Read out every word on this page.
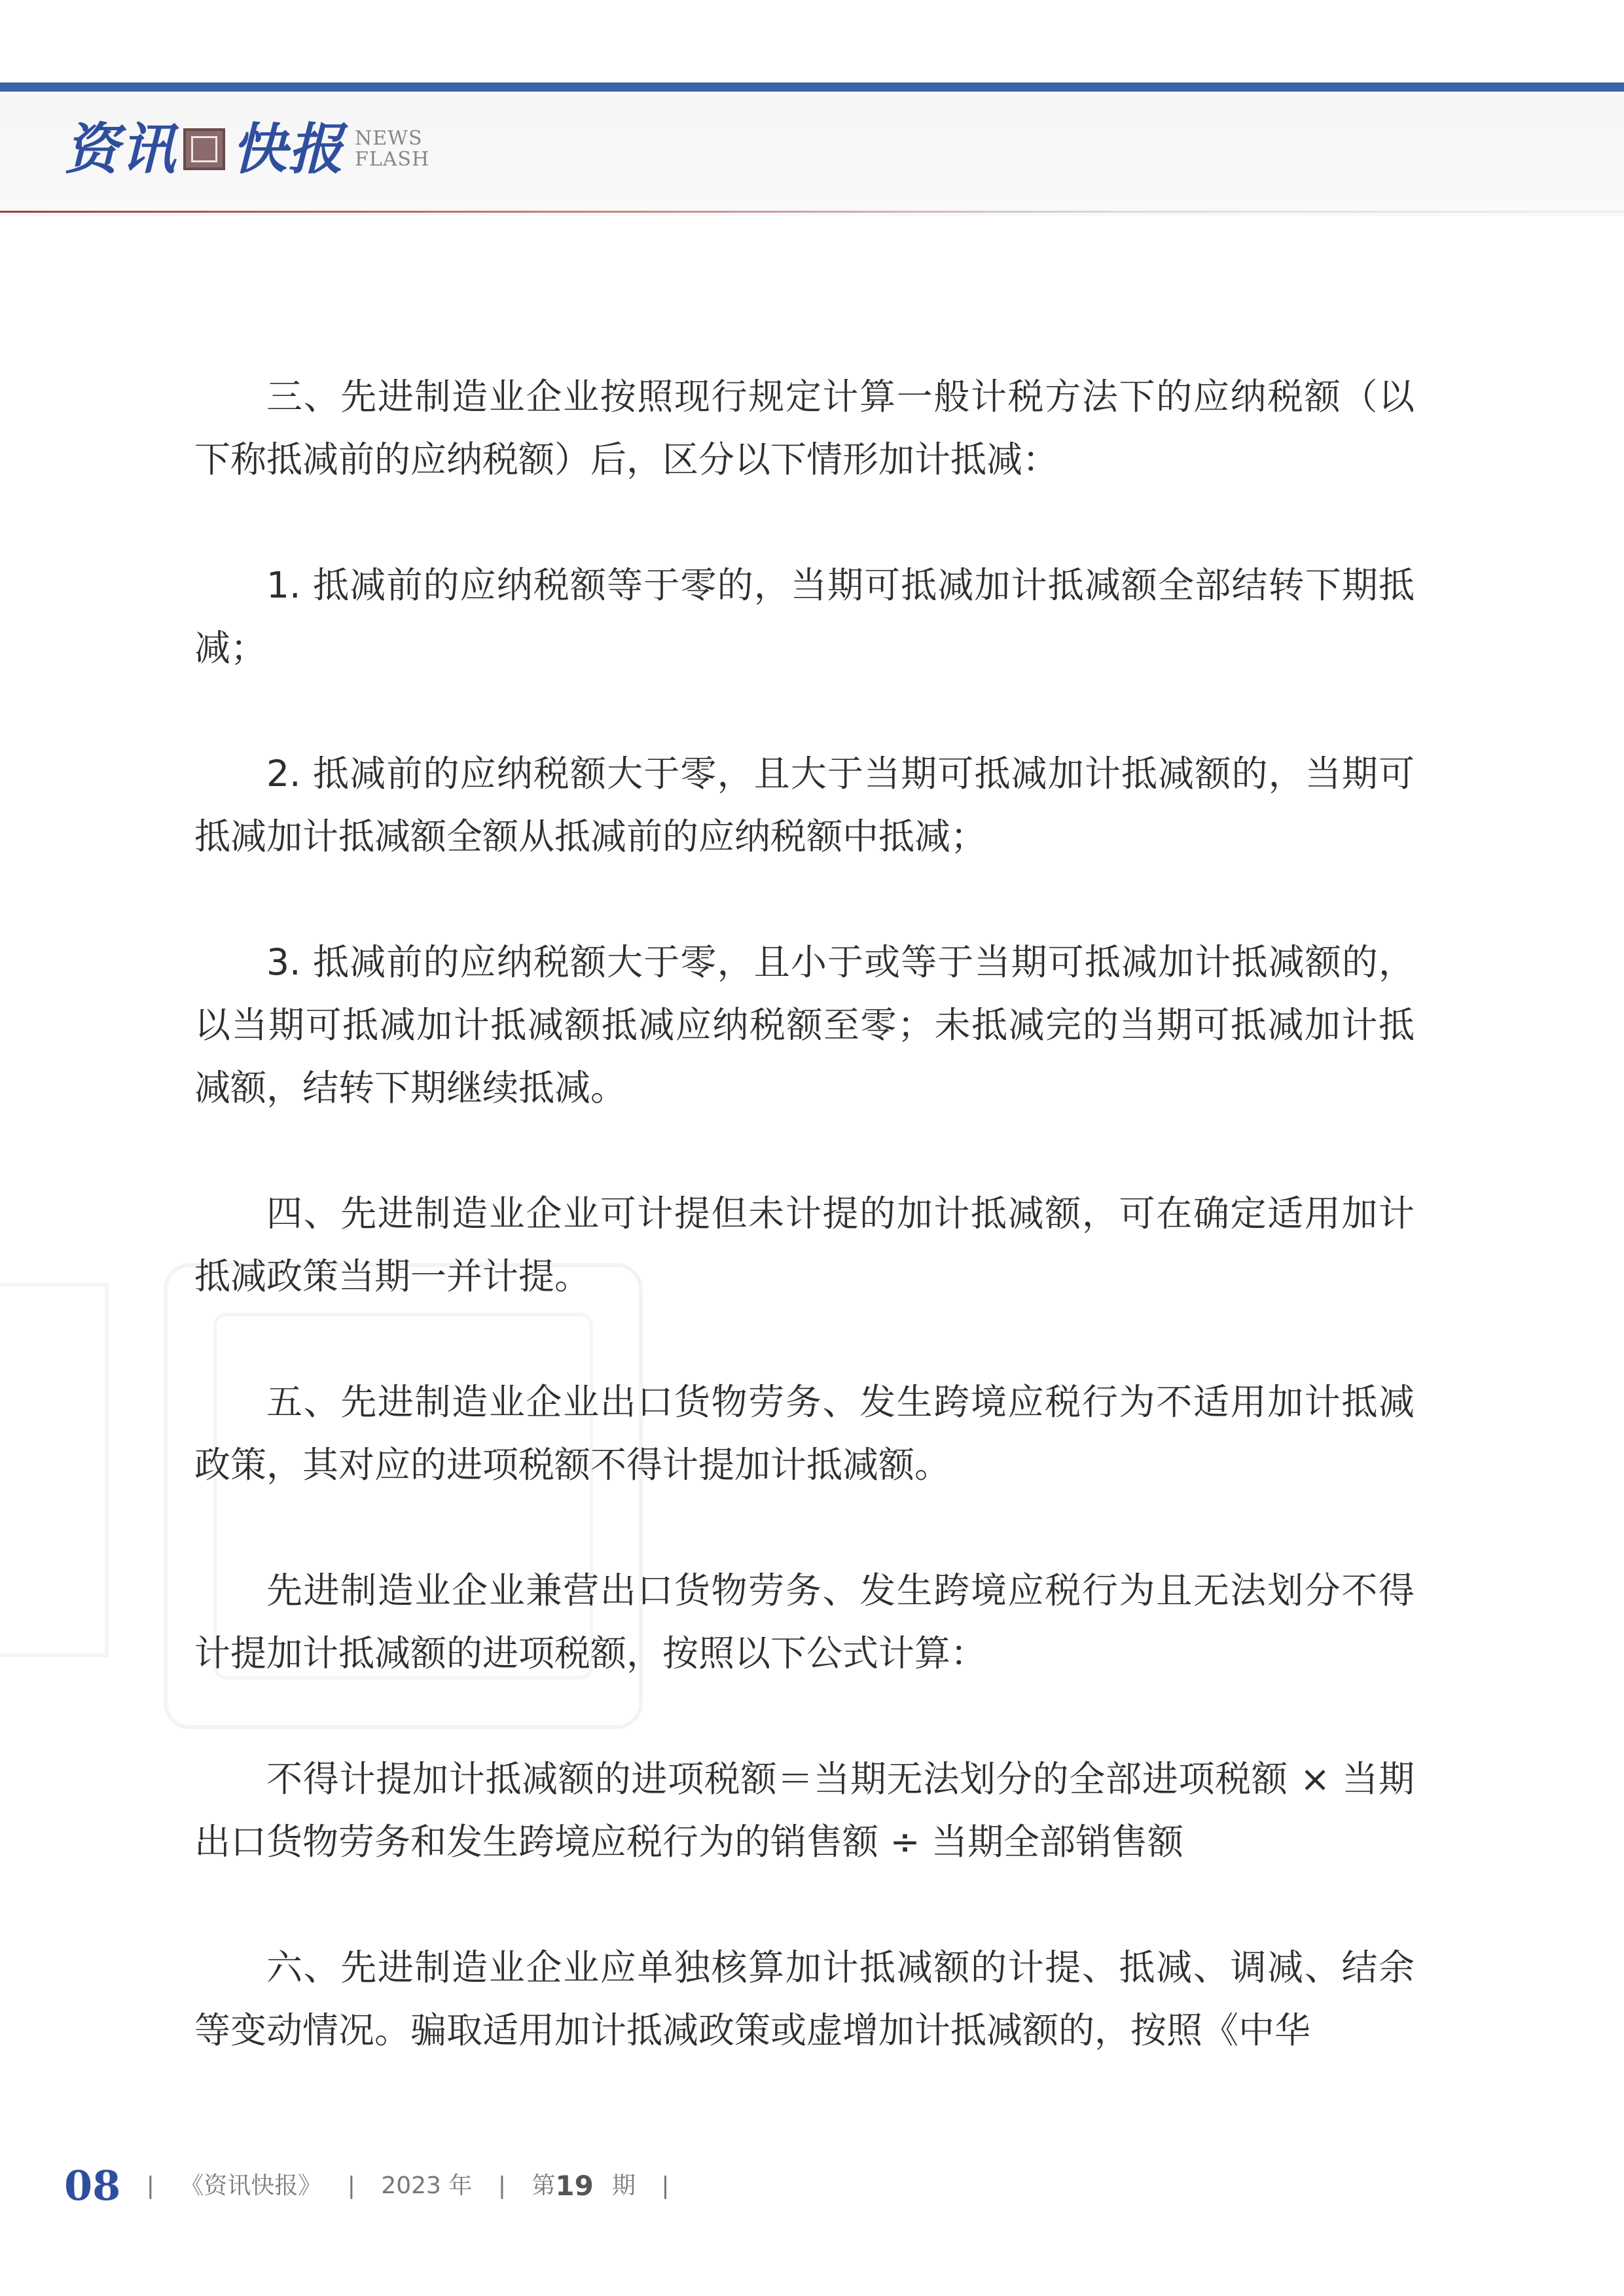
资讯 快报 NEWS
FLASH

三、先进制造业企业按照现行规定计算一般计税方法下的应纳税额（以下称抵减前的应纳税额）后，区分以下情形加计抵减：

1. 抵减前的应纳税额等于零的，当期可抵减加计抵减额全部结转下期抵减；

2. 抵减前的应纳税额大于零，且大于当期可抵减加计抵减额的，当期可抵减加计抵减额全额从抵减前的应纳税额中抵减；

3. 抵减前的应纳税额大于零，且小于或等于当期可抵减加计抵减额的，以当期可抵减加计抵减额抵减应纳税额至零；未抵减完的当期可抵减加计抵减额，结转下期继续抵减。

四、先进制造业企业可计提但未计提的加计抵减额，可在确定适用加计抵减政策当期一并计提。

五、先进制造业企业出口货物劳务、发生跨境应税行为不适用加计抵减政策，其对应的进项税额不得计提加计抵减额。

先进制造业企业兼营出口货物劳务、发生跨境应税行为且无法划分不得计提加计抵减额的进项税额，按照以下公式计算：

不得计提加计抵减额的进项税额＝当期无法划分的全部进项税额 × 当期出口货物劳务和发生跨境应税行为的销售额 ÷ 当期全部销售额

六、先进制造业企业应单独核算加计抵减额的计提、抵减、调减、结余等变动情况。骗取适用加计抵减政策或虚增加计抵减额的，按照《中华

08 | 《资讯快报》 | 2023 年 | 第 19 期 |
